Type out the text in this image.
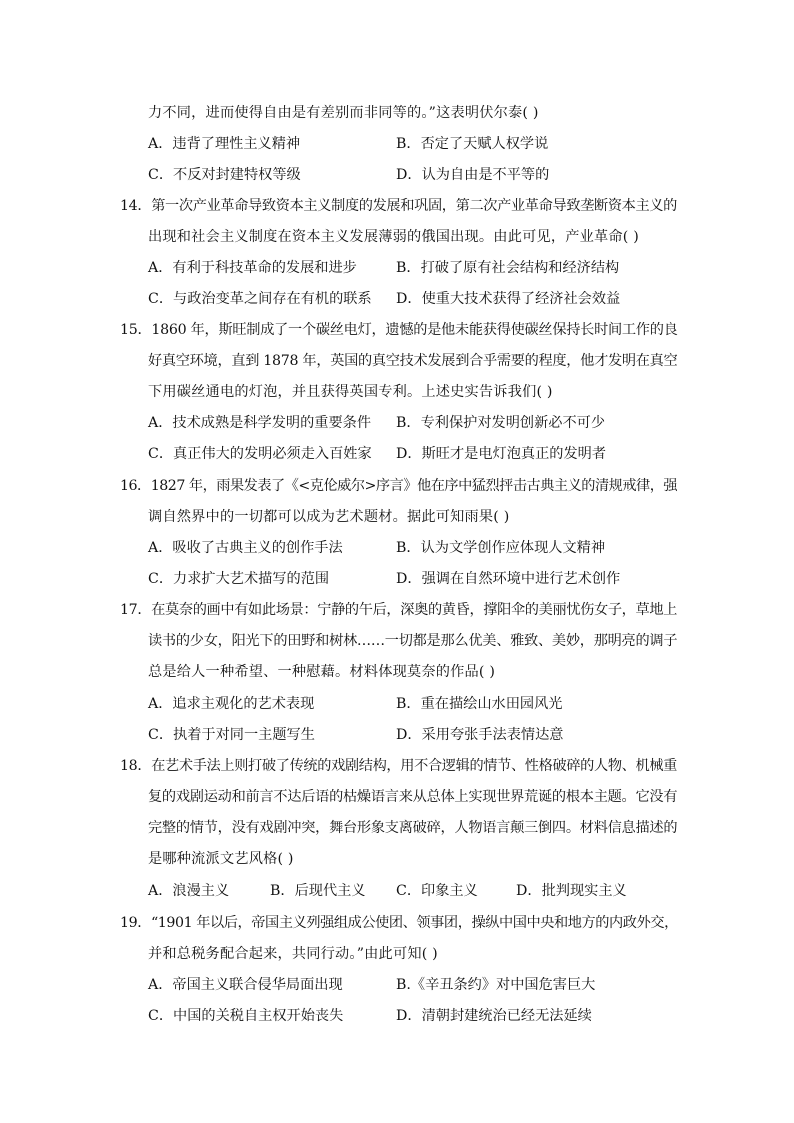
力不同，进而使得自由是有差别而非同等的。”这表明伏尔泰( )
A．违背了理性主义精神	B．否定了天赋人权学说
C．不反对封建特权等级	D．认为自由是不平等的
14．第一次产业革命导致资本主义制度的发展和巩固，第二次产业革命导致垄断资本主义的
出现和社会主义制度在资本主义发展薄弱的俄国出现。由此可见，产业革命( )
A．有利于科技革命的发展和进步	B．打破了原有社会结构和经济结构
C．与政治变革之间存在有机的联系 D．使重大技术获得了经济社会效益
15．1860 年，斯旺制成了一个碳丝电灯，遗憾的是他未能获得使碳丝保持长时间工作的良
好真空环境，直到 1878 年，英国的真空技术发展到合乎需要的程度，他才发明在真空
下用碳丝通电的灯泡，并且获得英国专利。上述史实告诉我们( )
A．技术成熟是科学发明的重要条件 B．专利保护对发明创新必不可少
C．真正伟大的发明必须走入百姓家 D．斯旺才是电灯泡真正的发明者
16．1827 年，雨果发表了《<克伦威尔>序言》他在序中猛烈抨击古典主义的清规戒律，强
调自然界中的一切都可以成为艺术题材。据此可知雨果( )
A．吸收了古典主义的创作手法	B．认为文学创作应体现人文精神
C．力求扩大艺术描写的范围	D．强调在自然环境中进行艺术创作
17．在莫奈的画中有如此场景：宁静的午后，深奥的黄昏，撑阳伞的美丽忧伤女子，草地上
读书的少女，阳光下的田野和树林……一切都是那么优美、雅致、美妙，那明亮的调子
总是给人一种希望、一种慰藉。材料体现莫奈的作品( )
A．追求主观化的艺术表现	B．重在描绘山水田园风光
C．执着于对同一主题写生	D．采用夸张手法表情达意
18．在艺术手法上则打破了传统的戏剧结构，用不合逻辑的情节、性格破碎的人物、机械重
复的戏剧运动和前言不达后语的枯燥语言来从总体上实现世界荒诞的根本主题。它没有
完整的情节，没有戏剧冲突，舞台形象支离破碎，人物语言颠三倒四。材料信息描述的
是哪种流派文艺风格( )
A．浪漫主义	B．后现代主义 C．印象主义	D．批判现实主义
19．“1901 年以后，帝国主义列强组成公使团、领事团，操纵中国中央和地方的内政外交，
并和总税务配合起来，共同行动。”由此可知( )
A．帝国主义联合侵华局面出现	B.《辛丑条约》对中国危害巨大
C．中国的关税自主权开始丧失	D．清朝封建统治已经无法延续
